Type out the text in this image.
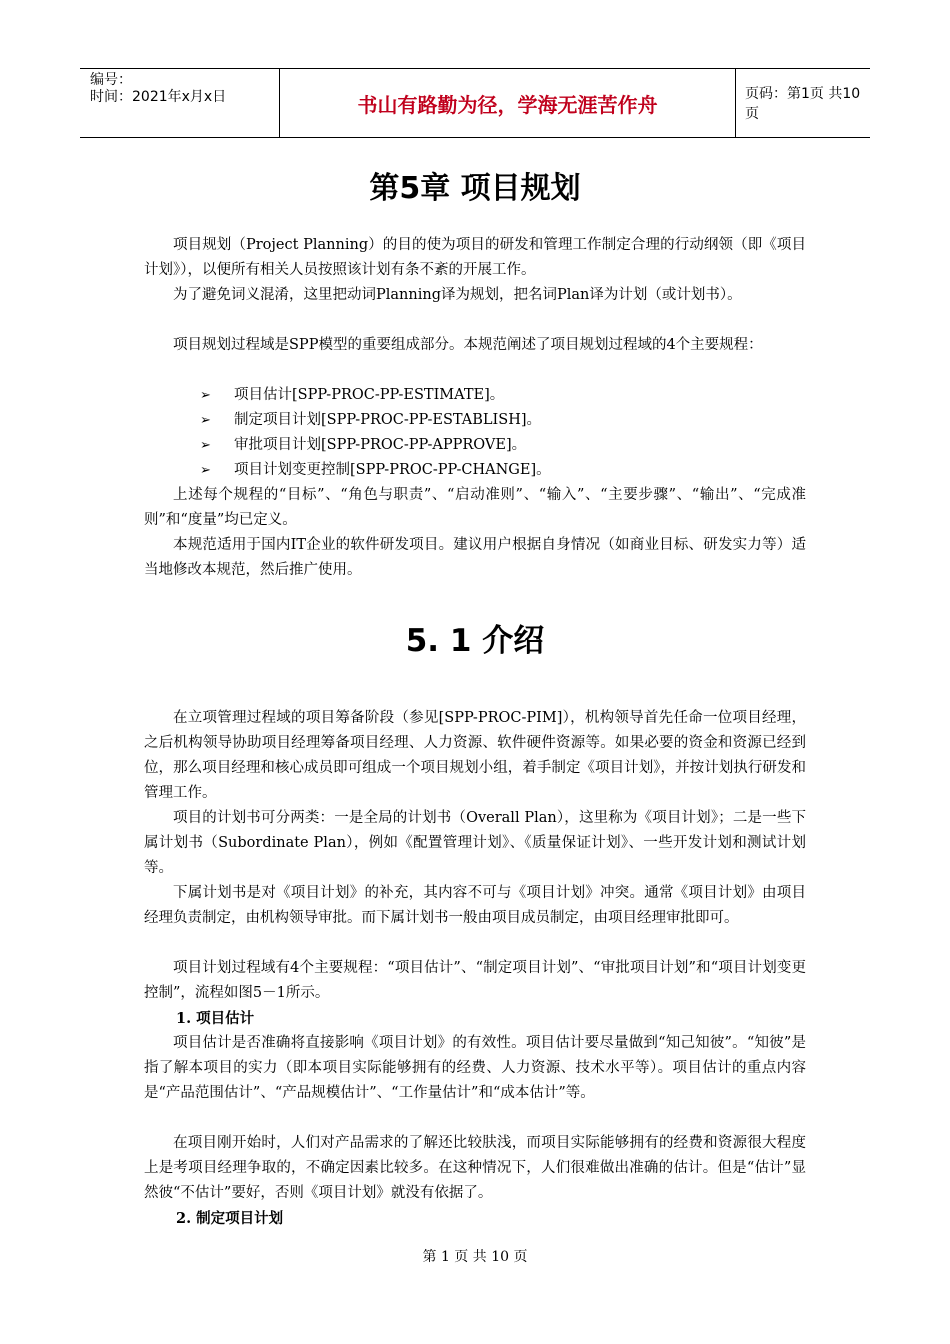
编号：
时间：2021年x月x日	书山有路勤为径，学海无涯苦作舟	页码：第1页 共10页
第5章 项目规划

项目规划（Project Planning）的目的使为项目的研发和管理工作制定合理的行动纲领（即《项目计划》），以便所有相关人员按照该计划有条不紊的开展工作。

为了避免词义混淆，这里把动词Planning译为规划，把名词Plan译为计划（或计划书）。

项目规划过程域是SPP模型的重要组成部分。本规范阐述了项目规划过程域的4个主要规程：

➢ 项目估计[SPP-PROC-PP-ESTIMATE]。

➢ 制定项目计划[SPP-PROC-PP-ESTABLISH]。

➢ 审批项目计划[SPP-PROC-PP-APPROVE]。

➢ 项目计划变更控制[SPP-PROC-PP-CHANGE]。

上述每个规程的“目标”、“角色与职责”、“启动准则”、“输入”、“主要步骤”、“输出”、“完成准则”和“度量”均已定义。

本规范适用于国内IT企业的软件研发项目。建议用户根据自身情况（如商业目标、研发实力等）适当地修改本规范，然后推广使用。

5. 1 介绍

在立项管理过程域的项目筹备阶段（参见[SPP-PROC-PIM]），机构领导首先任命一位项目经理，之后机构领导协助项目经理筹备项目经理、人力资源、软件硬件资源等。如果必要的资金和资源已经到位，那么项目经理和核心成员即可组成一个项目规划小组，着手制定《项目计划》，并按计划执行研发和管理工作。

项目的计划书可分两类：一是全局的计划书（Overall Plan），这里称为《项目计划》；二是一些下属计划书（Subordinate Plan），例如《配置管理计划》、《质量保证计划》、一些开发计划和测试计划等。

下属计划书是对《项目计划》的补充，其内容不可与《项目计划》冲突。通常《项目计划》由项目经理负责制定，由机构领导审批。而下属计划书一般由项目成员制定，由项目经理审批即可。

项目计划过程域有4个主要规程：“项目估计”、“制定项目计划”、“审批项目计划”和“项目计划变更控制”，流程如图5－1所示。

1. 项目估计

项目估计是否准确将直接影响《项目计划》的有效性。项目估计要尽量做到“知己知彼”。“知彼”是指了解本项目的实力（即本项目实际能够拥有的经费、人力资源、技术水平等）。项目估计的重点内容是“产品范围估计”、“产品规模估计”、“工作量估计”和“成本估计”等。

在项目刚开始时，人们对产品需求的了解还比较肤浅，而项目实际能够拥有的经费和资源很大程度上是考项目经理争取的，不确定因素比较多。在这种情况下，人们很难做出准确的估计。但是“估计”显然彼“不估计”要好，否则《项目计划》就没有依据了。

2. 制定项目计划

第 1 页 共 10 页
